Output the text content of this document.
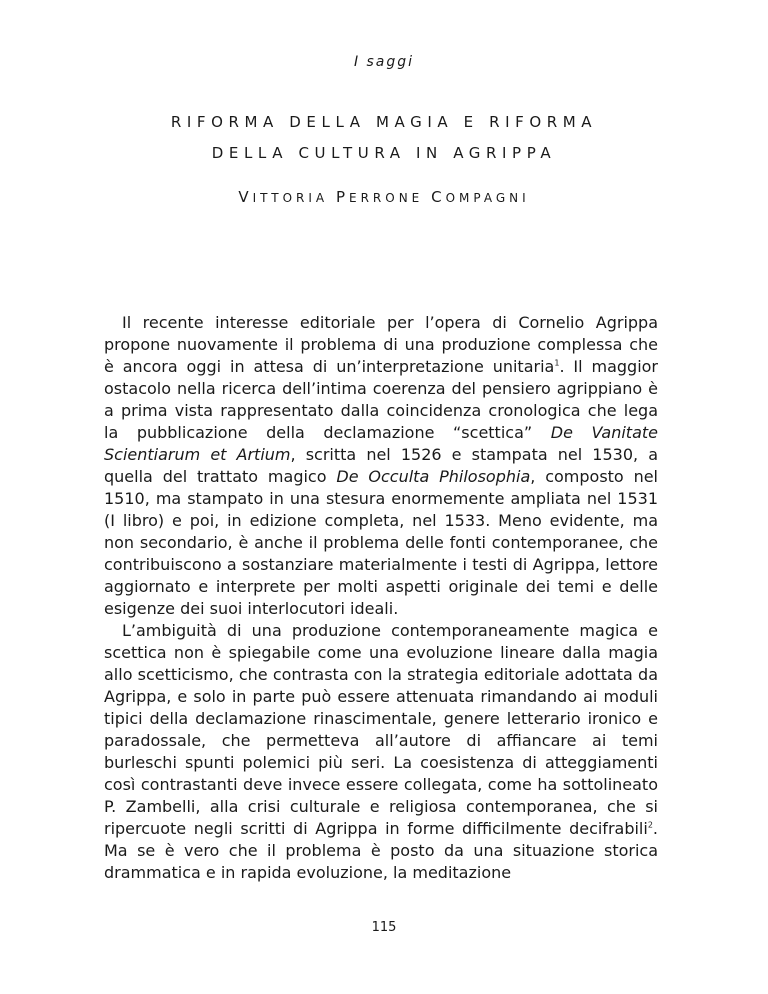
I saggi
RIFORMA DELLA MAGIA E RIFORMA
DELLA CULTURA IN AGRIPPA
VITTORIA PERRONE COMPAGNI

Il recente interesse editoriale per l’opera di Cornelio Agrippa propone nuovamente il problema di una produzione complessa che è ancora oggi in attesa di un’interpretazione unitaria$^1$. Il maggior ostacolo nella ricerca dell’intima coerenza del pensiero agrippiano è a prima vista rappresentato dalla coincidenza cronologica che lega la pubblicazione della declamazione “scettica” De Vanitate Scientiarum et Artium, scritta nel 1526 e stampata nel 1530, a quella del trattato magico De Occulta Philosophia, composto nel 1510, ma stampato in una stesura enormemente ampliata nel 1531 (I libro) e poi, in edizione completa, nel 1533. Meno evidente, ma non secondario, è anche il problema delle fonti contemporanee, che contribuiscono a sostanziare materialmente i testi di Agrippa, lettore aggiornato e interprete per molti aspetti originale dei temi e delle esigenze dei suoi interlocutori ideali.

L’ambiguità di una produzione contemporaneamente magica e scettica non è spiegabile come una evoluzione lineare dalla magia allo scetticismo, che contrasta con la strategia editoriale adottata da Agrippa, e solo in parte può essere attenuata rimandando ai moduli tipici della declamazione rinascimentale, genere letterario ironico e paradossale, che permetteva all’autore di affiancare ai temi burleschi spunti polemici più seri. La coesistenza di atteggiamenti così contrastanti deve invece essere collegata, come ha sottolineato P. Zambelli, alla crisi culturale e religiosa contemporanea, che si ripercuote negli scritti di Agrippa in forme difficilmente decifrabili$^2$. Ma se è vero che il problema è posto da una situazione storica drammatica e in rapida evoluzione, la meditazione

115
